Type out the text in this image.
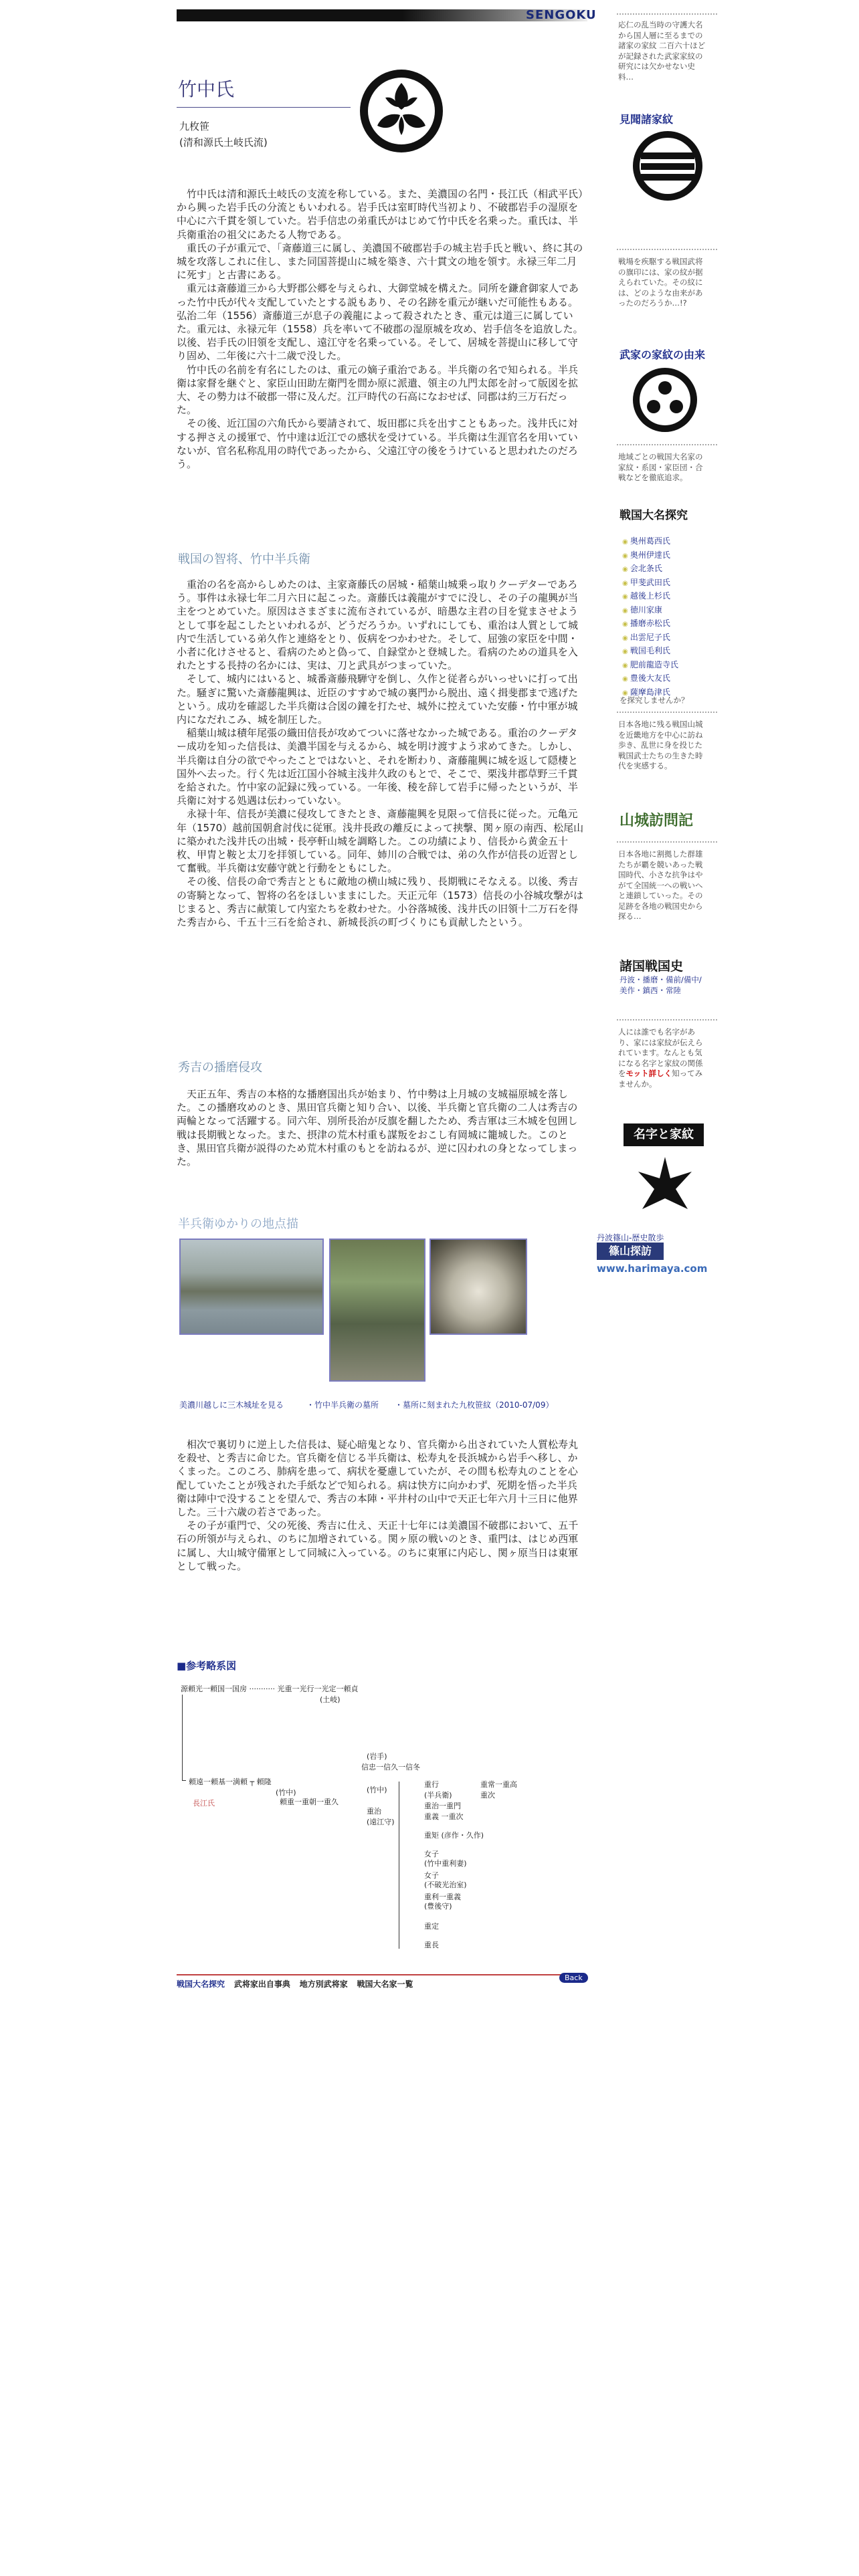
SENGOKU
竹中氏
九枚笹
(清和源氏土岐氏流)

竹中氏は清和源氏土岐氏の支流を称している。また、美濃国の名門・長江氏（相武平氏）から興った岩手氏の分流ともいわれる。岩手氏は室町時代当初より、不破郡岩手の湿原を中心に六千貫を領していた。岩手信忠の弟重氏がはじめて竹中氏を名乗った。重氏は、半兵衛重治の祖父にあたる人物である。

重氏の子が重元で、「斎藤道三に属し、美濃国不破郡岩手の城主岩手氏と戦い、終に其の城を攻落しこれに住し、また同国菩提山に城を築き、六十貫文の地を領す。永禄三年二月に死す」と古書にある。

重元は斎藤道三から大野郡公郷を与えられ、大御堂城を構えた。同所を鎌倉御家人であった竹中氏が代々支配していたとする説もあり、その名跡を重元が継いだ可能性もある。弘治二年（1556）斎藤道三が息子の義龍によって殺されたとき、重元は道三に属していた。重元は、永禄元年（1558）兵を率いて不破郡の湿原城を攻め、岩手信冬を追放した。以後、岩手氏の旧領を支配し、遠江守を名乗っている。そして、居城を菩提山に移して守り固め、二年後に六十二歳で没した。

竹中氏の名前を有名にしたのは、重元の嫡子重治である。半兵衛の名で知られる。半兵衛は家督を継ぐと、家臣山田助左衛門を間か原に派遣、領主の九門太郎を討って版図を拡大、その勢力は不破郡一帯に及んだ。江戸時代の石高になおせば、同郡は約三万石だった。

その後、近江国の六角氏から要請されて、坂田郡に兵を出すこともあった。浅井氏に対する押さえの援軍で、竹中達は近江での感状を受けている。半兵衛は生涯官名を用いていないが、官名私称乱用の時代であったから、父遠江守の後をうけていると思われたのだろう。

戦国の智将、竹中半兵衛

重治の名を高からしめたのは、主家斎藤氏の居城・稲葉山城乗っ取りクーデターであろう。事件は永禄七年二月六日に起こった。斎藤氏は義龍がすでに没し、その子の龍興が当主をつとめていた。原因はさまざまに流布されているが、暗愚な主君の目を覚まさせようとして事を起こしたといわれるが、どうだろうか。いずれにしても、重治は人質として城内で生活している弟久作と連絡をとり、仮病をつかわせた。そして、屈強の家臣を中間・小者に化けさせると、看病のためと偽って、自録堂かと登城した。看病のための道具を入れたとする長持の名かには、実は、刀と武具がつまっていた。

そして、城内にはいると、城番斎藤飛騨守を倒し、久作と従者らがいっせいに打って出た。騒ぎに驚いた斎藤龍興は、近臣のすすめで城の裏門から脱出、遠く揖斐郡まで逃げたという。成功を確認した半兵衛は合図の鐘を打たせ、城外に控えていた安藤・竹中軍が城内になだれこみ、城を制圧した。

稲葉山城は積年尾張の織田信長が攻めてついに落せなかった城である。重治のクーデター成功を知った信長は、美濃半国を与えるから、城を明け渡すよう求めてきた。しかし、半兵衛は自分の欲でやったことではないと、それを断わり、斎藤龍興に城を返して隠棲と国外へ去った。行く先は近江国小谷城主浅井久政のもとで、そこで、栗浅井郡草野三千貫を給された。竹中家の記録に残っている。一年後、稜を辞して岩手に帰ったというが、半兵衛に対する処遇は伝わっていない。

永禄十年、信長が美濃に侵攻してきたとき、斎藤龍興を見限って信長に従った。元亀元年（1570）越前国朝倉討伐に従軍。浅井長政の離反によって挟撃、関ヶ原の南西、松尾山に築かれた浅井氏の出城・長亭軒山城を調略した。この功績により、信長から黄金五十枚、甲胄と鞍と太刀を拝領している。同年、姉川の合戦では、弟の久作が信長の近習として奮戦。半兵衛は安藤守就と行動をともにした。

その後、信長の命で秀吉とともに敵地の横山城に残り、長期戦にそなえる。以後、秀吉の寄騎となって、智将の名をほしいままにした。天正元年（1573）信長の小谷城攻撃がはじまると、秀吉に献策して内室たちを救わせた。小谷落城後、浅井氏の旧領十二万石を得た秀吉から、千五十三石を給され、新城長浜の町づくりにも貢献したという。

秀吉の播磨侵攻

天正五年、秀吉の本格的な播磨国出兵が始まり、竹中勢は上月城の支城福原城を落した。この播磨攻めのとき、黒田官兵衛と知り合い、以後、半兵衛と官兵衛の二人は秀吉の両輪となって活躍する。同六年、別所長治が反旗を翻したため、秀吉軍は三木城を包囲し戦は長期戦となった。また、摂津の荒木村重も謀叛をおこし有岡城に籠城した。このとき、黒田官兵衛が説得のため荒木村重のもとを訪ねるが、逆に囚われの身となってしまった。

半兵衛ゆかりの地点描
美濃川越しに三木城址を見る	・竹中半兵衛の墓所 ・墓所に刻まれた九枚笹紋（2010-07/09）

相次で裏切りに逆上した信長は、疑心暗鬼となり、官兵衛から出されていた人質松寿丸を殺せ、と秀吉に命じた。官兵衛を信じる半兵衛は、松寿丸を長浜城から岩手へ移し、かくまった。このころ、肺病を患って、病状を憂慮していたが、その間も松寿丸のことを心配していたことが残された手紙などで知られる。病は快方に向かわず、死期を悟った半兵衛は陣中で没することを望んで、秀吉の本陣・平井村の山中で天正七年六月十三日に他界した。三十六歳の若さであった。

その子が重門で、父の死後、秀吉に仕え、天正十七年には美濃国不破郡において、五千石の所領が与えられ、のちに加増されている。関ヶ原の戦いのとき、重門は、はじめ西軍に属し、大山城守備軍として同城に入っている。のちに東軍に内応し、関ヶ原当日は東軍として戦った。

■参考略系図
源頼光一頼国一国房 ··········· 光重一光行一光定一頼貞
(土岐)
頼遠一頼基一満頼 ┬ 頼隆
(竹中)
長江氏
(岩手)
信忠一信久一信冬
(竹中)
頼重一重朝一重久
重治
(遠江守)
重行
(半兵衛)
重治一重門
重義 一重次
重矩 (彦作・久作)
女子
(竹中重利妻)
女子
(不破光治室)
重利一重義
(豊後守)
重定
重長
重常一重高
重次
戦国大名探究 武将家出自事典 地方別武将家 戦国大名家一覧
Back
応仁の乱当時の守護大名から国人層に至るまでの諸家の家紋 二百六十ほどが記録された武家家紋の研究には欠かせない史料…
見聞諸家紋
戦場を疾駆する戦国武将の旗印には、家の紋が据えられていた。その紋には、どのような由来があったのだろうか…!?
武家の家紋の由来
地域ごとの戦国大名家の家紋・系図・家臣団・合戦などを徹底追求。
戦国大名探究
◉ 奥州葛西氏
◉ 奥州伊達氏
◉ 会北条氏
◉ 甲斐武田氏
◉ 越後上杉氏
◉ 徳川家康
◉ 播磨赤松氏
◉ 出雲尼子氏
◉ 戦国毛利氏
◉ 肥前龍造寺氏
◉ 豊後大友氏
◉ 薩摩島津氏
を探究しませんか？
日本各地に残る戦国山城を近畿地方を中心に訪ね歩き、乱世に身を投じた戦国武士たちの生きた時代を実感する。
山城訪問記
日本各地に割拠した群雄たちが覇を競いあった戦国時代、小さな抗争はやがて全国統一への戦いへと連鎖していった。その足跡を各地の戦国史から探る…
諸国戦国史
丹波・播磨・備前/備中/美作・鎮西・常陸
人には誰でも名字があり、家には家紋が伝えられています。なんとも気になる名字と家紋の関係をモット詳しく知ってみませんか。
名字と家紋
丹波篠山-歴史散歩
篠山探訪
www.harimaya.com
